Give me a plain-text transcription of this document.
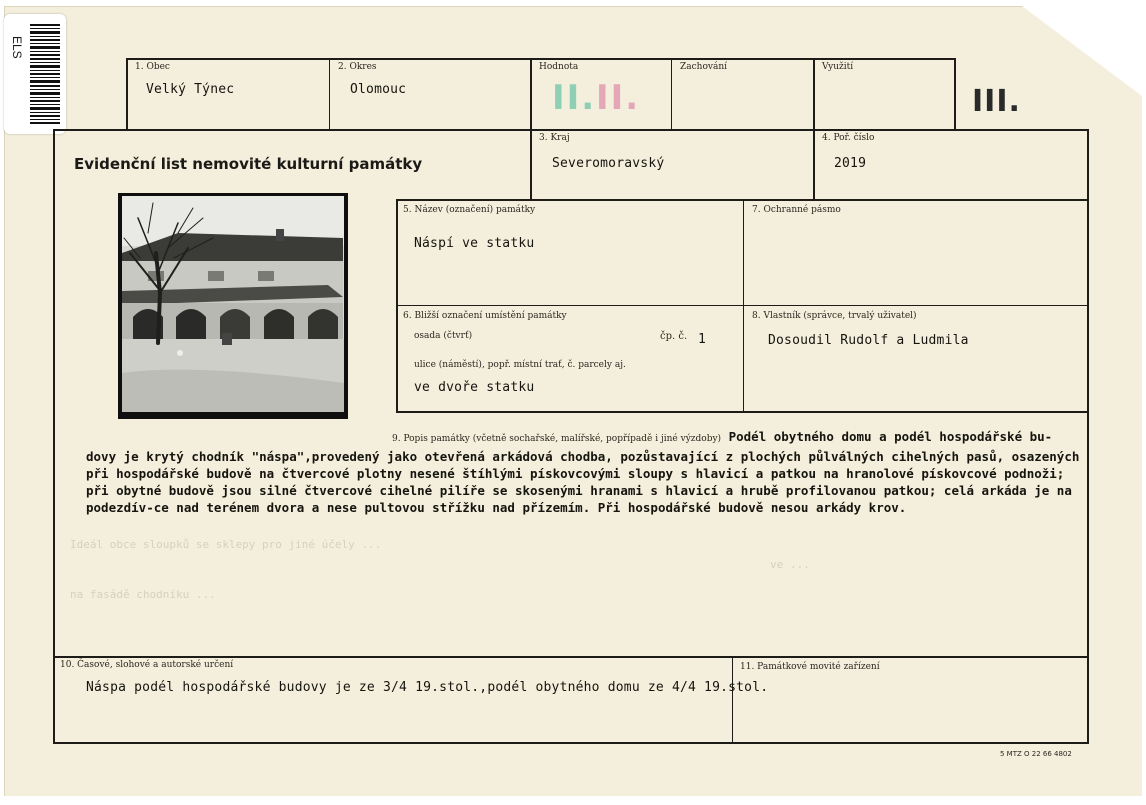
ELS
1. Obec
Velký Týnec
2. Okres
Olomouc
Hodnota
II. II.
Zachování	Využití
III.
Evidenční list nemovité kulturní památky
3. Kraj
Severomoravský
4. Poř. číslo
2019
5. Název (označení) památky
Náspí ve statku
7. Ochranné pásmo
6. Bližší označení umístění památky
osada (čtvrť)	čp. č. 1
ulice (náměstí), popř. místní trať, č. parcely aj.
ve dvoře statku
8. Vlastník (správce, trvalý uživatel)
Dosoudil Rudolf a Ludmila
9. Popis památky (včetně sochařské, malířské, popřípadě i jiné výzdoby) Podél obytného domu a podél hospodářské bu- dovy je krytý chodník "náspa",provedený jako otevřená arkádová chodba, pozůstavající z plochých půlválných cihelných pasů, osazených při hospodářské budově na čtvercové plotny nesené štíhlými pískovcovými sloupy s hlavicí a patkou na hranolové pískovcové podnoži; při obytné budově jsou silné čtvercové cihelné pilíře se skosenými hranami s hlavicí a hrubě profilovanou patkou; celá arkáda je na podezdív-ce nad terénem dvora a nese pultovou střížku nad přízemím. Při hospodářské budově nesou arkády krov.
Ideál obce sloupků se sklepy pro jiné účely ...
na fasádě chodníku ...
ve ...
10. Časové, slohové a autorské určení
Náspa podél hospodářské budovy je ze 3/4 19.stol.,podél obytného domu ze 4/4 19.stol.
11. Památkové movité zařízení
5 MTZ O 22 66 4802
